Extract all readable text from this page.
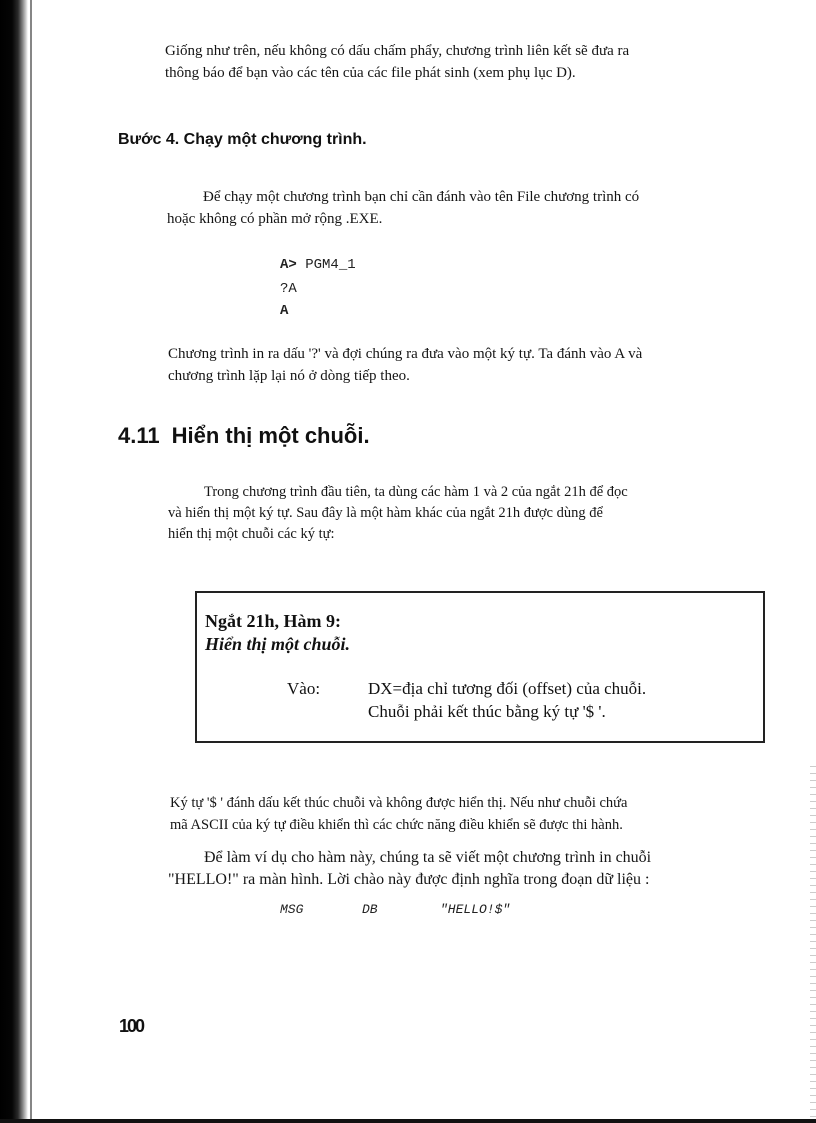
Giống như trên, nếu không có dấu chấm phẩy, chương trình liên kết sẽ đưa ra
thông báo để bạn vào các tên của các file phát sinh (xem phụ lục D).
Bước 4. Chạy một chương trình.
Để chạy một chương trình bạn chỉ cần đánh vào tên File chương trình có
hoặc không có phần mở rộng .EXE.
A> PGM4_1
?A
A
Chương trình in ra dấu '?' và đợi chúng ra đưa vào một ký tự. Ta đánh vào A và
chương trình lặp lại nó ở dòng tiếp theo.
4.11 Hiển thị một chuỗi.
Trong chương trình đầu tiên, ta dùng các hàm 1 và 2 của ngắt 21h để đọc
và hiển thị một ký tự. Sau đây là một hàm khác của ngắt 21h được dùng để
hiển thị một chuỗi các ký tự:
Ngắt 21h, Hàm 9:
Hiển thị một chuỗi.
Vào:	DX=địa chỉ tương đối (offset) của chuỗi.
Chuỗi phải kết thúc bằng ký tự '$ '.
Ký tự '$ ' đánh dấu kết thúc chuỗi và không được hiển thị. Nếu như chuỗi chứa
mã ASCII của ký tự điều khiển thì các chức năng điều khiển sẽ được thi hành.
Để làm ví dụ cho hàm này, chúng ta sẽ viết một chương trình in chuỗi
"HELLO!" ra màn hình. Lời chào này được định nghĩa trong đoạn dữ liệu :
MSG	DB	"HELLO!$"
100
